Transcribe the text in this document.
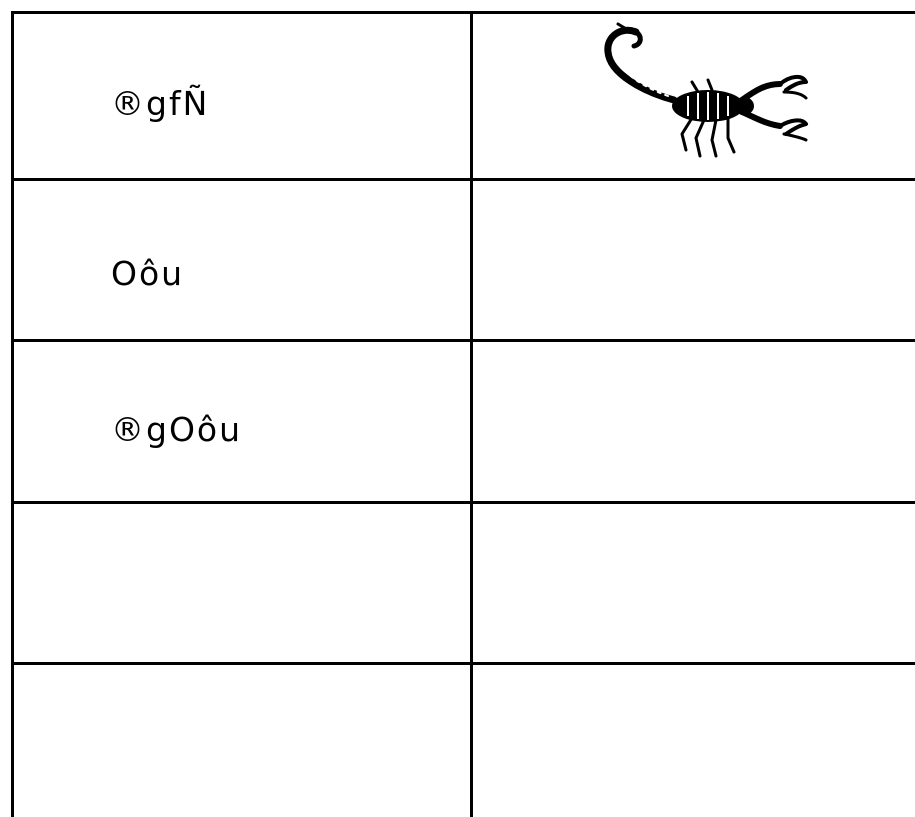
®gfÑ
Oôu
®gOôu
